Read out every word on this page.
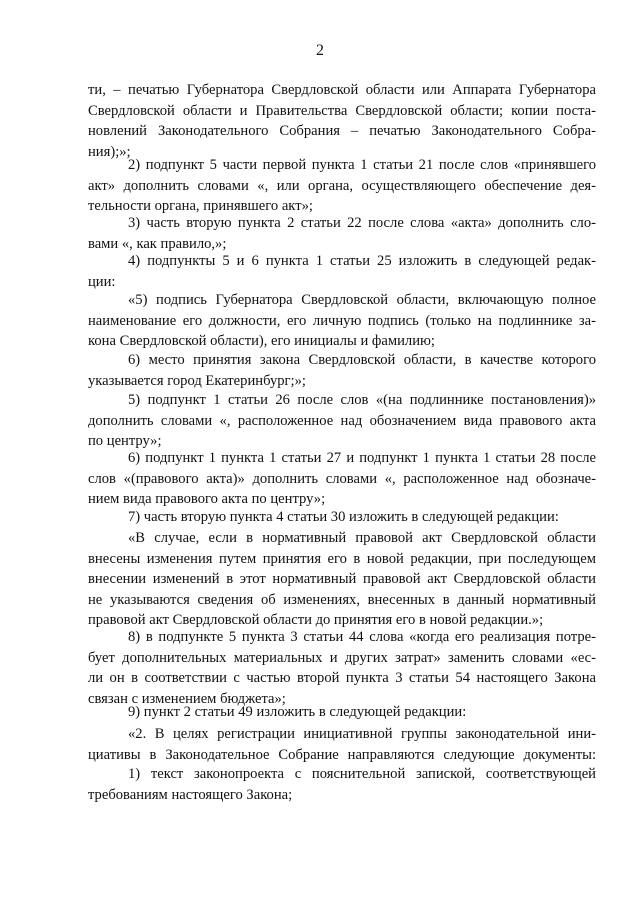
2
ти, – печатью Губернатора Свердловской области или Аппарата Губернатора
Свердловской области и Правительства Свердловской области; копии поста-
новлений Законодательного Собрания – печатью Законодательного Собра-
ния);»;
2) подпункт 5 части первой пункта 1 статьи 21 после слов «принявшего
акт» дополнить словами «, или органа, осуществляющего обеспечение дея-
тельности органа, принявшего акт»;
3) часть вторую пункта 2 статьи 22 после слова «акта» дополнить сло-
вами «, как правило,»;
4) подпункты 5 и 6 пункта 1 статьи 25 изложить в следующей редак-
ции:
«5) подпись Губернатора Свердловской области, включающую полное
наименование его должности, его личную подпись (только на подлиннике за-
кона Свердловской области), его инициалы и фамилию;
6) место принятия закона Свердловской области, в качестве которого
указывается город Екатеринбург;»;
5) подпункт 1 статьи 26 после слов «(на подлиннике постановления)»
дополнить словами «, расположенное над обозначением вида правового акта
по центру»;
6) подпункт 1 пункта 1 статьи 27 и подпункт 1 пункта 1 статьи 28 после
слов «(правового акта)» дополнить словами «, расположенное над обозначе-
нием вида правового акта по центру»;
7) часть вторую пункта 4 статьи 30 изложить в следующей редакции:
«В случае, если в нормативный правовой акт Свердловской области
внесены изменения путем принятия его в новой редакции, при последующем
внесении изменений в этот нормативный правовой акт Свердловской области
не указываются сведения об изменениях, внесенных в данный нормативный
правовой акт Свердловской области до принятия его в новой редакции.»;
8) в подпункте 5 пункта 3 статьи 44 слова «когда его реализация потре-
бует дополнительных материальных и других затрат» заменить словами «ес-
ли он в соответствии с частью второй пункта 3 статьи 54 настоящего Закона
связан с изменением бюджета»;
9) пункт 2 статьи 49 изложить в следующей редакции:
«2. В целях регистрации инициативной группы законодательной ини-
циативы в Законодательное Собрание направляются следующие документы:
1) текст законопроекта с пояснительной запиской, соответствующей
требованиям настоящего Закона;
